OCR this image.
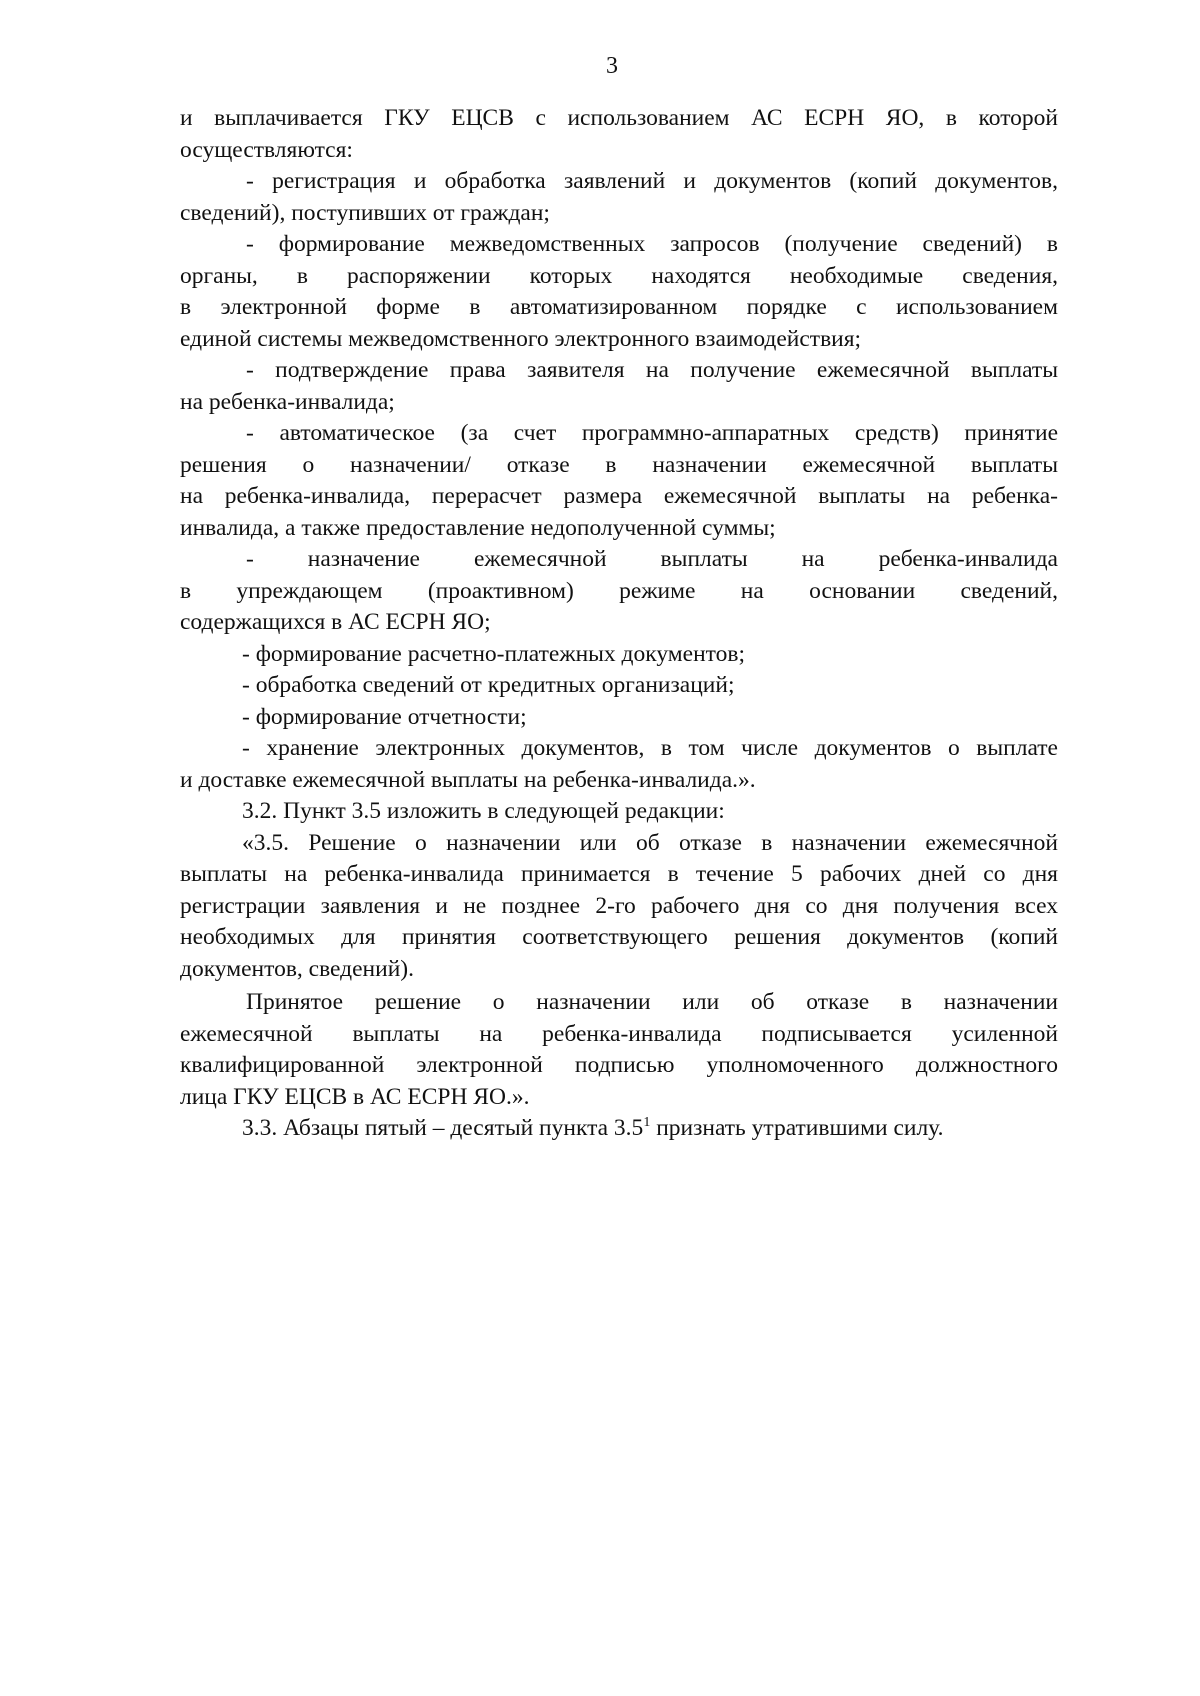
3
и выплачивается ГКУ ЕЦСВ с использованием АС ЕСРН ЯО, в которой
осуществляются:
- регистрация и обработка заявлений и документов (копий документов,
сведений), поступивших от граждан;
- формирование межведомственных запросов (получение сведений) в
органы, в распоряжении которых находятся необходимые сведения,
в электронной форме в автоматизированном порядке с использованием
единой системы межведомственного электронного взаимодействия;
- подтверждение права заявителя на получение ежемесячной выплаты
на ребенка-инвалида;
- автоматическое (за счет программно-аппаратных средств) принятие
решения о назначении/ отказе в назначении ежемесячной выплаты
на ребенка-инвалида, перерасчет размера ежемесячной выплаты на ребенка-
инвалида, а также предоставление недополученной суммы;
- назначение ежемесячной выплаты на ребенка-инвалида
в упреждающем (проактивном) режиме на основании сведений,
содержащихся в АС ЕСРН ЯО;
- формирование расчетно-платежных документов;
- обработка сведений от кредитных организаций;
- формирование отчетности;
- хранение электронных документов, в том числе документов о выплате
и доставке ежемесячной выплаты на ребенка-инвалида.».
3.2. Пункт 3.5 изложить в следующей редакции:
«3.5. Решение о назначении или об отказе в назначении ежемесячной
выплаты на ребенка-инвалида принимается в течение 5 рабочих дней со дня
регистрации заявления и не позднее 2-го рабочего дня со дня получения всех
необходимых для принятия соответствующего решения документов (копий
документов, сведений).
Принятое решение о назначении или об отказе в назначении
ежемесячной выплаты на ребенка-инвалида подписывается усиленной
квалифицированной электронной подписью уполномоченного должностного
лица ГКУ ЕЦСВ в АС ЕСРН ЯО.».
3.3. Абзацы пятый – десятый пункта $3.5^1$ признать утратившими силу.
